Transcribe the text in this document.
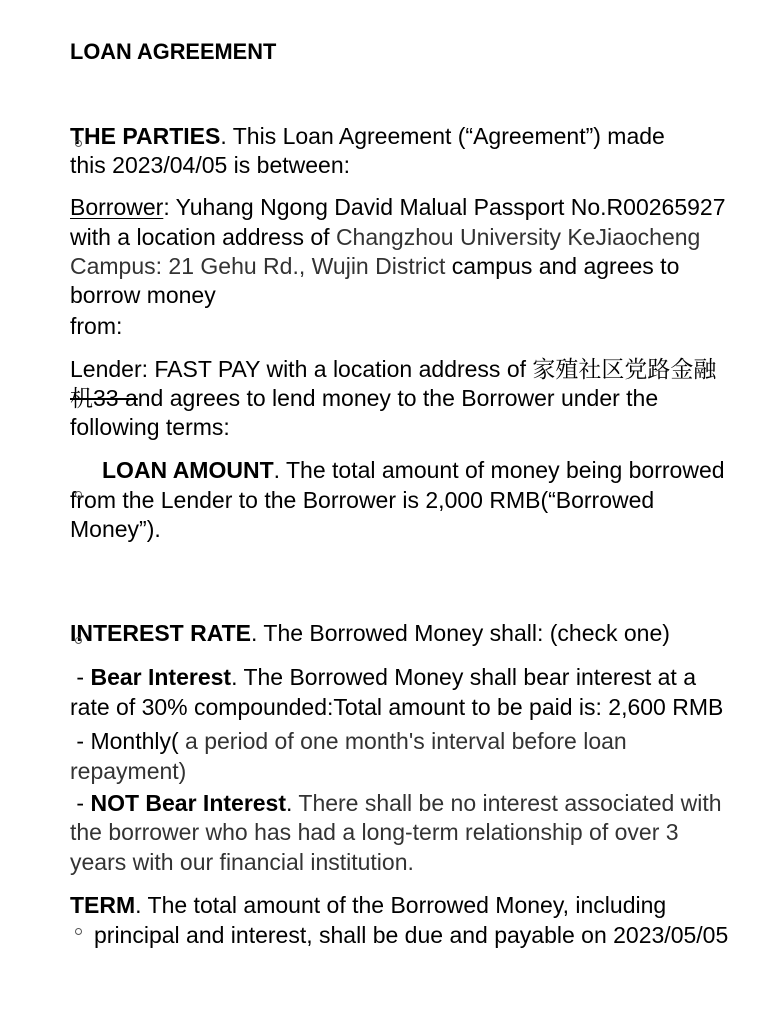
LOAN AGREEMENT
THE PARTIES. This Loan Agreement (“Agreement”) made
this 2023/04/05 is between:
Borrower: Yuhang Ngong David Malual Passport No.R00265927
with a location address of Changzhou University KeJiaocheng
Campus: 21 Gehu Rd., Wujin District campus and agrees to
borrow money
from:
Lender: FAST PAY with a location address of 家殖社区党路金融
机33 and agrees to lend money to the Borrower under the
following terms:
LOAN AMOUNT. The total amount of money being borrowed
from the Lender to the Borrower is 2,000 RMB(“Borrowed
Money”).
INTEREST RATE. The Borrowed Money shall: (check one)
- Bear Interest. The Borrowed Money shall bear interest at a
rate of 30% compounded:Total amount to be paid is: 2,600 RMB
- Monthly( a period of one month's interval before loan
repayment)
- NOT Bear Interest. There shall be no interest associated with
the borrower who has had a long-term relationship of over 3
years with our financial institution.
TERM. The total amount of the Borrowed Money, including
principal and interest, shall be due and payable on 2023/05/05
